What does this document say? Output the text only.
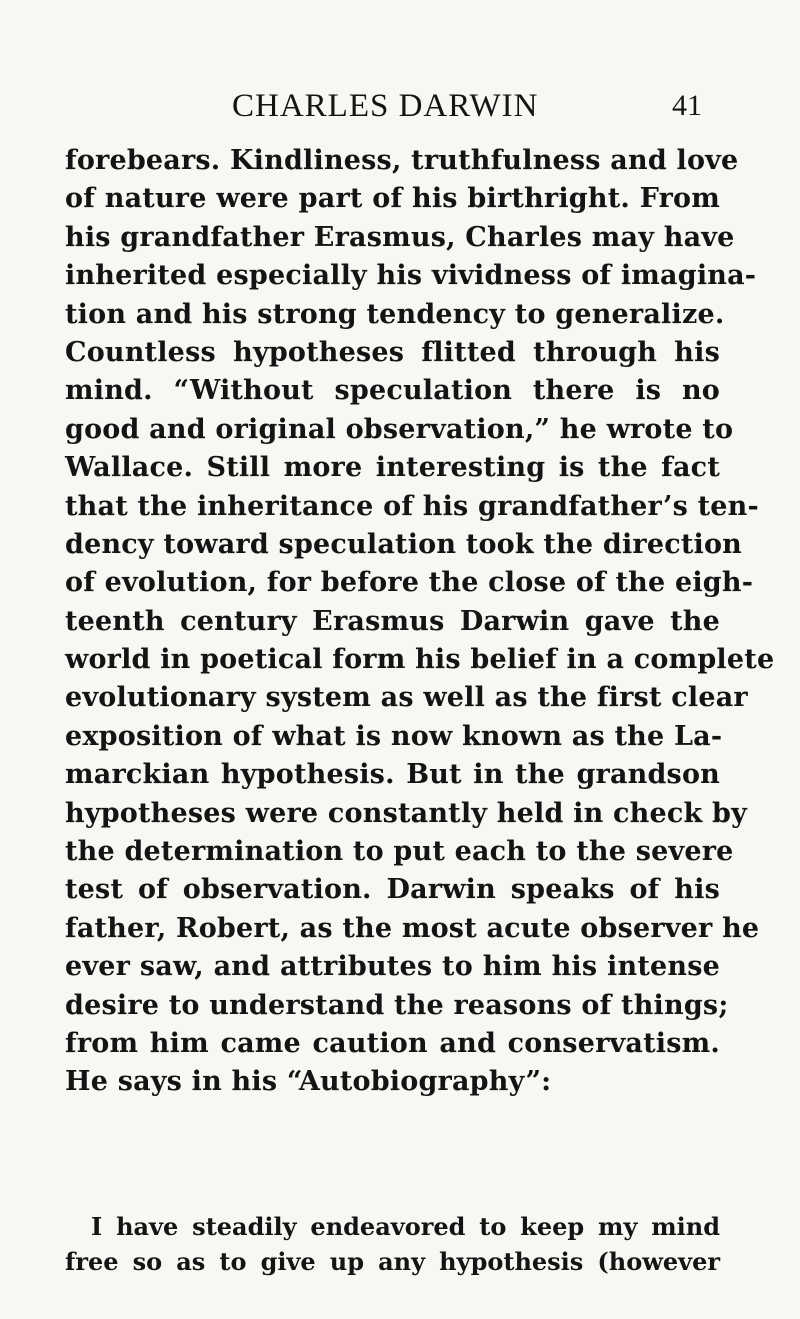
CHARLES DARWIN	41
forebears. Kindliness, truthfulness and love
of nature were part of his birthright. From
his grandfather Erasmus, Charles may have
inherited especially his vividness of imagina-
tion and his strong tendency to generalize.
Countless hypotheses flitted through his
mind. “Without speculation there is no
good and original observation,” he wrote to
Wallace. Still more interesting is the fact
that the inheritance of his grandfather’s ten-
dency toward speculation took the direction
of evolution, for before the close of the eigh-
teenth century Erasmus Darwin gave the
world in poetical form his belief in a complete
evolutionary system as well as the first clear
exposition of what is now known as the La-
marckian hypothesis. But in the grandson
hypotheses were constantly held in check by
the determination to put each to the severe
test of observation. Darwin speaks of his
father, Robert, as the most acute observer he
ever saw, and attributes to him his intense
desire to understand the reasons of things;
from him came caution and conservatism.
He says in his “Autobiography”:
I have steadily endeavored to keep my mind
free so as to give up any hypothesis (however
